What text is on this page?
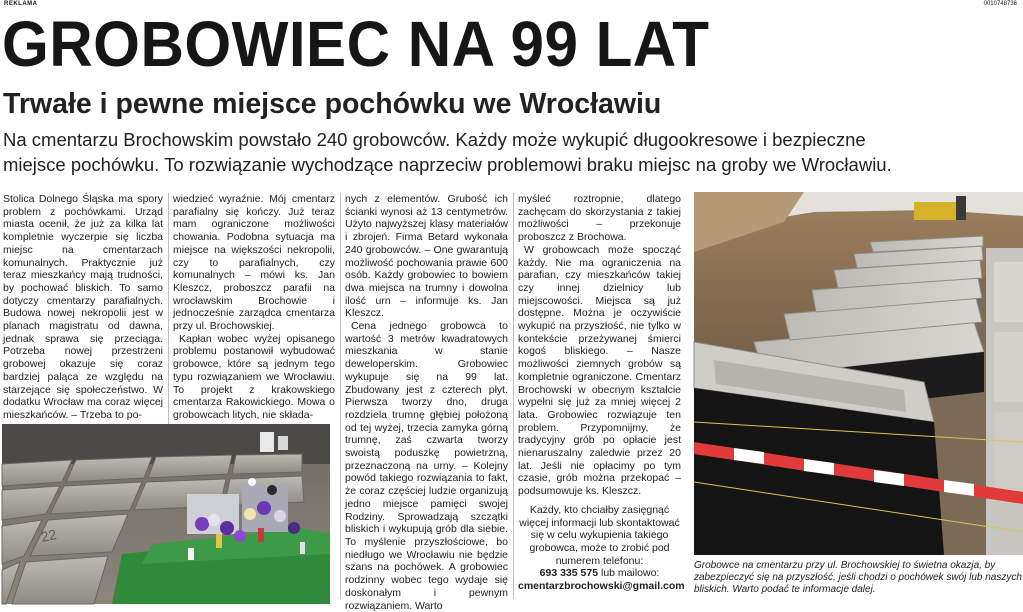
REKLAMA	0010748736
GROBOWIEC NA 99 LAT
Trwałe i pewne miejsce pochówku we Wrocławiu

Na cmentarzu Brochowskim powstało 240 grobowców. Każdy może wykupić długookresowe i bezpieczne

miejsce pochówku. To rozwiązanie wychodzące naprzeciw problemowi braku miejsc na groby we Wrocławiu.

Stolica Dolnego Śląska ma spory problem z pochówkami. Urząd miasta ocenił, że już za kilka lat kompletnie wyczerpie się liczba miejsc na cmentarzach komunalnych. Praktycznie już teraz mieszkańcy mają trudności, by pochować bliskich. To samo dotyczy cmentarzy parafialnych. Budowa nowej nekropolii jest w planach magistratu od dawna, jednak sprawa się przeciąga. Potrzeba nowej przestrzeni grobowej okazuje się coraz bardziej paląca ze względu na starzejące się społeczeństwo. W dodatku Wrocław ma coraz więcej mieszkańców. – Trzeba to po-

wiedzieć wyraźnie. Mój cmentarz parafialny się kończy. Już teraz mam ograniczone możliwości chowania. Podobna sytuacja ma miejsce na większości nekropolii, czy to parafialnych, czy komunalnych – mówi ks. Jan Kleszcz, proboszcz parafii na wrocławskim Brochowie i jednocześnie zarządca cmentarza przy ul. Brochowskiej.

Kapłan wobec wyżej opisanego problemu postanowił wybudować grobowce, które są jednym tego typu rozwiązaniem we Wrocławiu. To projekt z krakowskiego cmentarza Rakowickiego. Mowa o grobowcach litych, nie składa-

nych z elementów. Grubość ich ścianki wynosi aż 13 centymetrów. Użyto najwyższej klasy materiałów i zbrojeń. Firma Betard wykonała 240 grobowców. – One gwarantują możliwość pochowania prawie 600 osób. Każdy grobowiec to bowiem dwa miejsca na trumny i dowolna ilość urn – informuje ks. Jan Kleszcz.

Cena jednego grobowca to wartość 3 metrów kwadratowych mieszkania w stanie deweloperskim. Grobowiec wykupuje się na 99 lat. Zbudowany jest z czterech płyt. Pierwsza tworzy dno, druga rozdziela trumnę głębiej położoną od tej wyżej, trzecia zamyka górną trumnę, zaś czwarta tworzy swoistą poduszkę powietrzną, przeznaczoną na urny. – Kolejny powód takiego rozwiązania to fakt, że coraz częściej ludzie organizują jedno miejsce pamięci swojej Rodziny. Sprowadzają szczątki bliskich i wykupują grób dla siebie. To myślenie przyszłościowe, bo niedługo we Wrocławiu nie będzie szans na pochówek. A grobowiec rodzinny wobec tego wydaje się doskonałym i pewnym rozwiązaniem. Warto

myśleć roztropnie, dlatego zachęcam do skorzystania z takiej możliwości – przekonuje proboszcz z Brochowa.

W grobowcach może spocząć każdy. Nie ma ograniczenia na parafian, czy mieszkańców takiej czy innej dzielnicy lub miejscowości. Miejsca są już dostępne. Można je oczywiście wykupić na przyszłość, nie tylko w kontekście przeżywanej śmierci kogoś bliskiego. – Nasze możliwości ziemnych grobów są kompletnie ograniczone. Cmentarz Brochowski w obecnym kształcie wypełni się już za mniej więcej 2 lata. Grobowiec rozwiązuje ten problem. Przypomnijmy, że tradycyjny grób po opłacie jest nienaruszalny zaledwie przez 20 lat. Jeśli nie opłacimy po tym czasie, grób można przekopać – podsumowuje ks. Kleszcz.

Każdy, kto chciałby zasięgnąć więcej informacji lub skontaktować się w celu wykupienia takiego grobowca, może to zrobić pod numerem telefonu:

693 335 575 lub mailowo:

cmentarzbrochowski@gmail.com

22
Grobowce na cmentarzu przy ul. Brochowskiej to świetna okazja, by zabezpieczyć się na przyszłość, jeśli chodzi o pochówek swój lub naszych bliskich. Warto podać te informacje dalej.
